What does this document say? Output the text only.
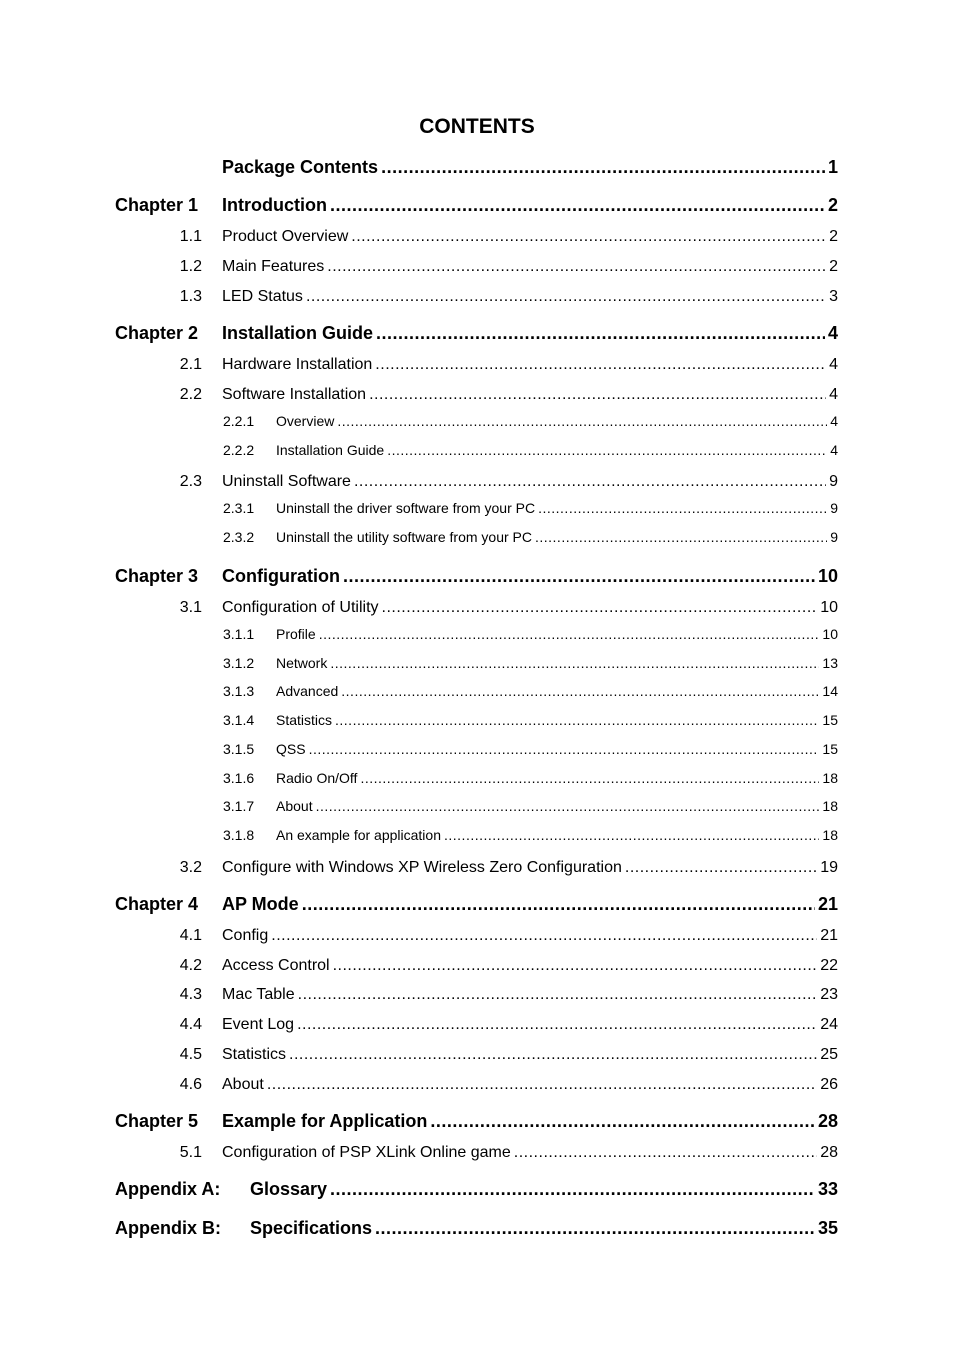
CONTENTS
Package Contents .....	1
Chapter 1	Introduction .....	2
1.1	Product Overview .....	2
1.2	Main Features .....	2
1.3	LED Status .....	3
Chapter 2	Installation Guide .....	4
2.1	Hardware Installation .....	4
2.2	Software Installation .....	4
2.2.1	Overview .....	4
2.2.2	Installation Guide .....	4
2.3	Uninstall Software .....	9
2.3.1	Uninstall the driver software from your PC .....	9
2.3.2	Uninstall the utility software from your PC .....	9
Chapter 3	Configuration .....	10
3.1	Configuration of Utility .....	10
3.1.1	Profile .....	10
3.1.2	Network .....	13
3.1.3	Advanced .....	14
3.1.4	Statistics .....	15
3.1.5	QSS .....	15
3.1.6	Radio On/Off .....	18
3.1.7	About .....	18
3.1.8	An example for application .....	18
3.2	Configure with Windows XP Wireless Zero Configuration .....	19
Chapter 4	AP Mode .....	21
4.1	Config .....	21
4.2	Access Control .....	22
4.3	Mac Table .....	23
4.4	Event Log .....	24
4.5	Statistics .....	25
4.6	About .....	26
Chapter 5	Example for Application .....	28
5.1	Configuration of PSP XLink Online game .....	28
Appendix A:	Glossary .....	33
Appendix B:	Specifications .....	35
